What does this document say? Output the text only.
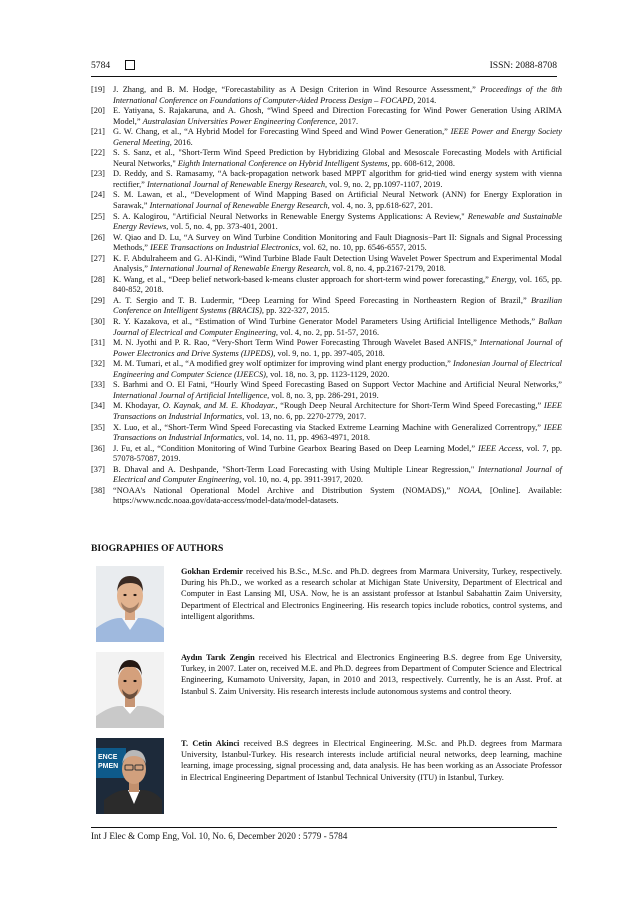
5784	ISSN: 2088-8708
[19] J. Zhang, and B. M. Hodge, “Forecastability as A Design Criterion in Wind Resource Assessment,” Proceedings of the 8th International Conference on Foundations of Computer-Aided Process Design – FOCAPD, 2014.
[20] E. Yatiyana, S. Rajakaruna, and A. Ghosh, “Wind Speed and Direction Forecasting for Wind Power Generation Using ARIMA Model,” Australasian Universities Power Engineering Conference, 2017.
[21] G. W. Chang, et al., “A Hybrid Model for Forecasting Wind Speed and Wind Power Generation,” IEEE Power and Energy Society General Meeting, 2016.
[22] S. S. Sanz, et al., "Short-Term Wind Speed Prediction by Hybridizing Global and Mesoscale Forecasting Models with Artificial Neural Networks," Eighth International Conference on Hybrid Intelligent Systems, pp. 608-612, 2008.
[23] D. Reddy, and S. Ramasamy, “A back-propagation network based MPPT algorithm for grid-tied wind energy system with vienna rectifier,” International Journal of Renewable Energy Research, vol. 9, no. 2, pp.1097-1107, 2019.
[24] S. M. Lawan, et al., “Development of Wind Mapping Based on Artificial Neural Network (ANN) for Energy Exploration in Sarawak,” International Journal of Renewable Energy Research, vol. 4, no. 3, pp.618-627, 201.
[25] S. A. Kalogirou, "Artificial Neural Networks in Renewable Energy Systems Applications: A Review," Renewable and Sustainable Energy Reviews, vol. 5, no. 4, pp. 373-401, 2001.
[26] W. Qiao and D. Lu, “A Survey on Wind Turbine Condition Monitoring and Fault Diagnosis−Part II: Signals and Signal Processing Methods,” IEEE Transactions on Industrial Electronics, vol. 62, no. 10, pp. 6546-6557, 2015.
[27] K. F. Abdulraheem and G. Al-Kindi, “Wind Turbine Blade Fault Detection Using Wavelet Power Spectrum and Experimental Modal Analysis,” International Journal of Renewable Energy Research, vol. 8, no. 4, pp.2167-2179, 2018.
[28] K. Wang, et al., “Deep belief network-based k-means cluster approach for short-term wind power forecasting,” Energy, vol. 165, pp. 840-852, 2018.
[29] A. T. Sergio and T. B. Ludermir, “Deep Learning for Wind Speed Forecasting in Northeastern Region of Brazil,” Brazilian Conference on Intelligent Systems (BRACIS), pp. 322-327, 2015.
[30] R. Y. Kazakova, et al., “Estimation of Wind Turbine Generator Model Parameters Using Artificial Intelligence Methods,” Balkan Journal of Electrical and Computer Engineering, vol. 4, no. 2, pp. 51-57, 2016.
[31] M. N. Jyothi and P. R. Rao, “Very-Short Term Wind Power Forecasting Through Wavelet Based ANFIS,” International Journal of Power Electronics and Drive Systems (IJPEDS), vol. 9, no. 1, pp. 397-405, 2018.
[32] M. M. Tumari, et al., “A modified grey wolf optimizer for improving wind plant energy production,” Indonesian Journal of Electrical Engineering and Computer Science (IJEECS), vol. 18, no. 3, pp. 1123-1129, 2020.
[33] S. Barhmi and O. El Fatni, “Hourly Wind Speed Forecasting Based on Support Vector Machine and Artificial Neural Networks,” International Journal of Artificial Intelligence, vol. 8, no. 3, pp. 286-291, 2019.
[34] M. Khodayar, O. Kaynak, and M. E. Khodayar., “Rough Deep Neural Architecture for Short-Term Wind Speed Forecasting,” IEEE Transactions on Industrial Informatics, vol. 13, no. 6, pp. 2270-2779, 2017.
[35] X. Luo, et al., “Short-Term Wind Speed Forecasting via Stacked Extreme Learning Machine with Generalized Correntropy,” IEEE Transactions on Industrial Informatics, vol. 14, no. 11, pp. 4963-4971, 2018.
[36] J. Fu, et al., “Condition Monitoring of Wind Turbine Gearbox Bearing Based on Deep Learning Model,” IEEE Access, vol. 7, pp. 57078-57087, 2019.
[37] B. Dhaval and A. Deshpande, "Short-Term Load Forecasting with Using Multiple Linear Regression," International Journal of Electrical and Computer Engineering, vol. 10, no. 4, pp. 3911-3917, 2020.
[38] “NOAA's National Operational Model Archive and Distribution System (NOMADS),” NOAA, [Online]. Available: https://www.ncdc.noaa.gov/data-access/model-data/model-datasets.
BIOGRAPHIES OF AUTHORS
Gokhan Erdemir received his B.Sc., M.Sc. and Ph.D. degrees from Marmara University, Turkey, respectively. During his Ph.D., we worked as a research scholar at Michigan State University, Department of Electrical and Computer in East Lansing MI, USA. Now, he is an assistant professor at Istanbul Sabahattin Zaim University, Department of Electrical and Electronics Engineering. His research topics include robotics, control systems, and intelligent algorithms.
Aydın Tarık Zengin received his Electrical and Electronics Engineering B.S. degree from Ege University, Turkey, in 2007. Later on, received M.E. and Ph.D. degrees from Department of Computer Science and Electrical Engineering, Kumamoto University, Japan, in 2010 and 2013, respectively. Currently, he is an Asst. Prof. at Istanbul S. Zaim University. His research interests include autonomous systems and control theory.
ENCE
PMEN
T. Cetin Akinci received B.S degrees in Electrical Engineering. M.Sc. and Ph.D. degrees from Marmara University, Istanbul-Turkey. His research interests include artificial neural networks, deep learning, machine learning, image processing, signal processing and, data analysis. He has been working as an Associate Professor in Electrical Engineering Department of Istanbul Technical University (ITU) in Istanbul, Turkey.
Int J Elec & Comp Eng, Vol. 10, No. 6, December 2020 : 5779 - 5784
